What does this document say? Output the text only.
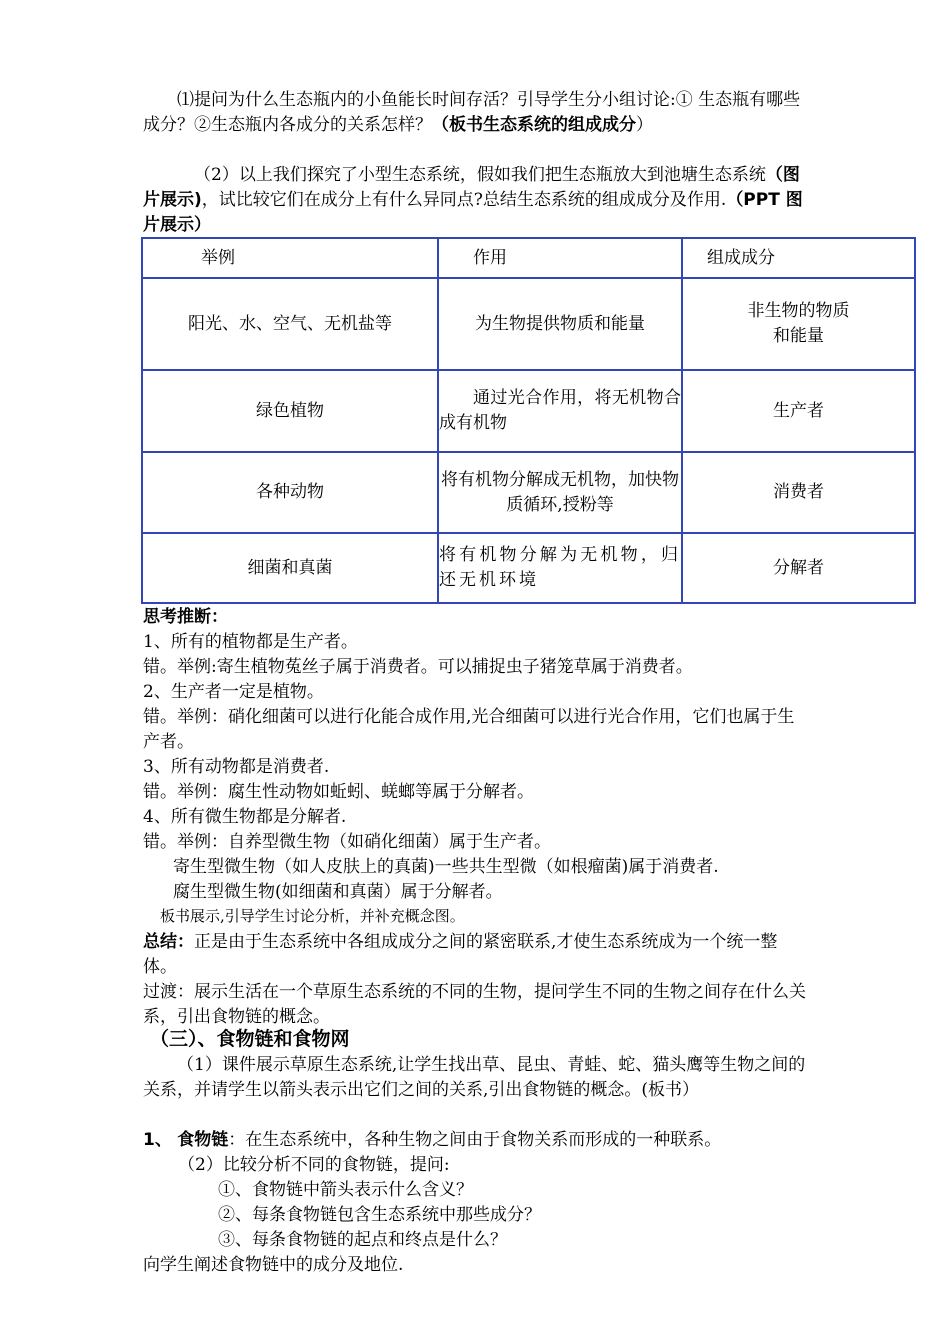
⑴提问为什么生态瓶内的小鱼能长时间存活？引导学生分小组讨论:① 生态瓶有哪些成分？②生态瓶内各成分的关系怎样？（板书生态系统的组成成分）

（2）以上我们探究了小型生态系统，假如我们把生态瓶放大到池塘生态系统（图片展示)，试比较它们在成分上有什么异同点?总结生态系统的组成成分及作用.（PPT 图片展示）

举例	作用	组成成分
阳光、水、空气、无机盐等	为生物提供物质和能量	非生物的物质
和能量
绿色植物	通过光合作用，将无机物合成有机物	生产者
各种动物	将有机物分解成无机物，加快物质循环,授粉等	消费者
细菌和真菌	将有机物分解为无机物，归还无机环境	分解者

思考推断：

1、所有的植物都是生产者。

错。举例:寄生植物菟丝子属于消费者。可以捕捉虫子猪笼草属于消费者。

2、生产者一定是植物。

错。举例：硝化细菌可以进行化能合成作用,光合细菌可以进行光合作用，它们也属于生产者。

3、所有动物都是消费者.

错。举例：腐生性动物如蚯蚓、蜣螂等属于分解者。

4、所有微生物都是分解者.

错。举例：自养型微生物（如硝化细菌）属于生产者。

寄生型微生物（如人皮肤上的真菌)一些共生型微（如根瘤菌)属于消费者.

腐生型微生物(如细菌和真菌）属于分解者。

板书展示,引导学生讨论分析，并补充概念图。

总结：正是由于生态系统中各组成成分之间的紧密联系,才使生态系统成为一个统一整体。

过渡：展示生活在一个草原生态系统的不同的生物，提问学生不同的生物之间存在什么关系，引出食物链的概念。

（三）、食物链和食物网

（1）课件展示草原生态系统,让学生找出草、昆虫、青蛙、蛇、猫头鹰等生物之间的关系，并请学生以箭头表示出它们之间的关系,引出食物链的概念。(板书）

1、 食物链：在生态系统中，各种生物之间由于食物关系而形成的一种联系。

（2）比较分析不同的食物链，提问:

①、食物链中箭头表示什么含义？

②、每条食物链包含生态系统中那些成分？

③、每条食物链的起点和终点是什么？

向学生阐述食物链中的成分及地位.
